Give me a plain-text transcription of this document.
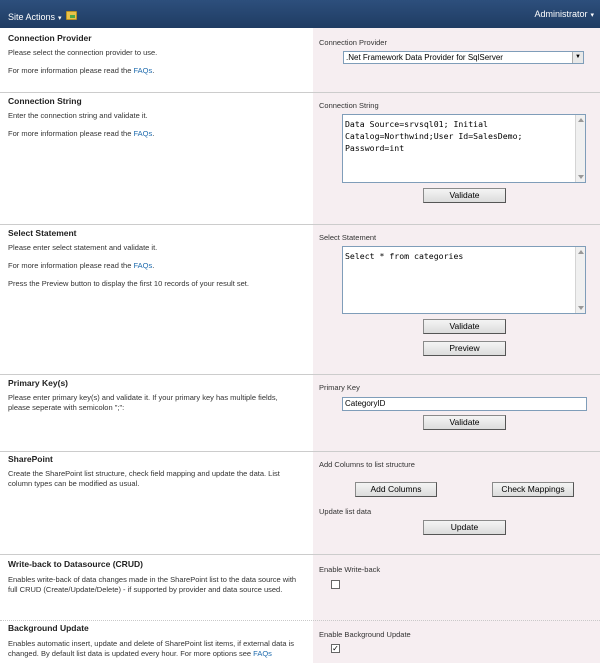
Site Actions ▾	Administrator ▾
Connection Provider
Please select the connection provider to use.
For more information please read the FAQs.
Connection Provider
.Net Framework Data Provider for SqlServer	▼
Connection String
Enter the connection string and validate it.
For more information please read the FAQs.
Connection String
Data Source=srvsql01; Initial Catalog=Northwind;User Id=SalesDemo; Password=int
Validate
Select Statement
Please enter select statement and validate it.
For more information please read the FAQs.
Press the Preview button to display the first 10 records of your result set.
Select Statement
Select * from categories
Validate
Preview
Primary Key(s)
Please enter primary key(s) and validate it. If your primary key has multiple fields, please seperate with semicolon ";":
Primary Key
CategoryID
Validate
SharePoint
Create the SharePoint list structure, check field mapping and update the data. List column types can be modified as usual.
Add Columns to list structure
Add Columns	Check Mappings
Update list data
Update
Write-back to Datasource (CRUD)
Enables write-back of data changes made in the SharePoint list to the data source with full CRUD (Create/Update/Delete) - if supported by provider and data source used.
Enable Write-back
Background Update
Enables automatic insert, update and delete of SharePoint list items, if external data is changed. By default list data is updated every hour. For more options see FAQs
Enable Background Update
✓
